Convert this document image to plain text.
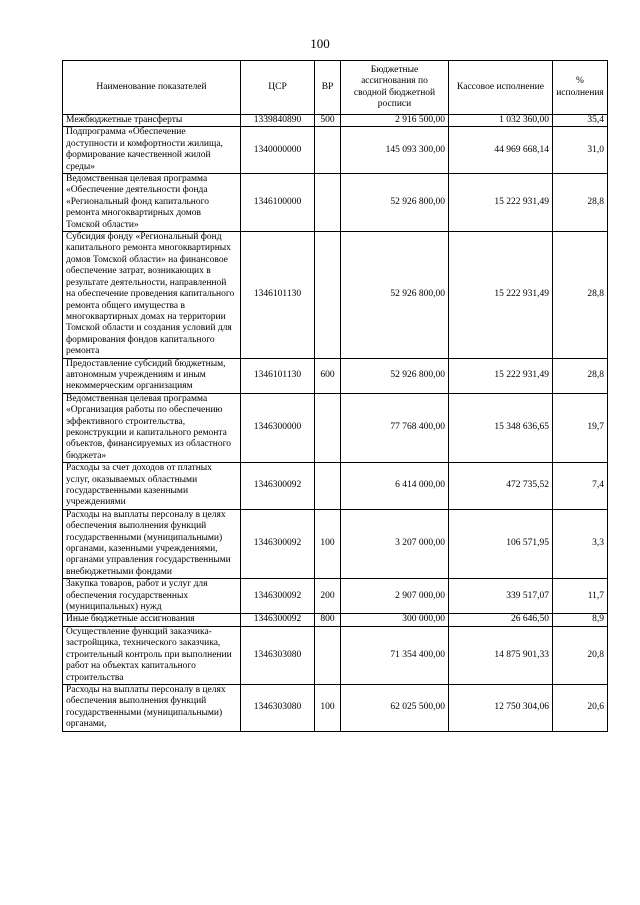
100
Наименование показателей	ЦСР	ВР	Бюджетные ассигнования по сводной бюджетной росписи	Кассовое исполнение	% исполнения
Межбюджетные трансферты	1339840890	500	2 916 500,00	1 032 360,00	35,4
Подпрограмма «Обеспечение доступности и комфортности жилища, формирование качественной жилой среды»	1340000000		145 093 300,00	44 969 668,14	31,0
Ведомственная целевая программа «Обеспечение деятельности фонда «Региональный фонд капитального ремонта многоквартирных домов Томской области»	1346100000		52 926 800,00	15 222 931,49	28,8
Субсидия фонду «Региональный фонд капитального ремонта многоквартирных домов Томской области» на финансовое обеспечение затрат, возникающих в результате деятельности, направленной на обеспечение проведения капитального ремонта общего имущества в многоквартирных домах на территории Томской области и создания условий для формирования фондов капитального ремонта	1346101130		52 926 800,00	15 222 931,49	28,8
Предоставление субсидий бюджетным, автономным учреждениям и иным некоммерческим организациям	1346101130	600	52 926 800,00	15 222 931,49	28,8
Ведомственная целевая программа «Организация работы по обеспечению эффективного строительства, реконструкции и капитального ремонта объектов, финансируемых из областного бюджета»	1346300000		77 768 400,00	15 348 636,65	19,7
Расходы за счет доходов от платных услуг, оказываемых областными государственными казенными учреждениями	1346300092		6 414 000,00	472 735,52	7,4
Расходы на выплаты персоналу в целях обеспечения выполнения функций государственными (муниципальными) органами, казенными учреждениями, органами управления государственными внебюджетными фондами	1346300092	100	3 207 000,00	106 571,95	3,3
Закупка товаров, работ и услуг для обеспечения государственных (муниципальных) нужд	1346300092	200	2 907 000,00	339 517,07	11,7
Иные бюджетные ассигнования	1346300092	800	300 000,00	26 646,50	8,9
Осуществление функций заказчика-застройщика, технического заказчика, строительный контроль при выполнении работ на объектах капитального строительства	1346303080		71 354 400,00	14 875 901,33	20,8
Расходы на выплаты персоналу в целях обеспечения выполнения функций государственными (муниципальными) органами,	1346303080	100	62 025 500,00	12 750 304,06	20,6
